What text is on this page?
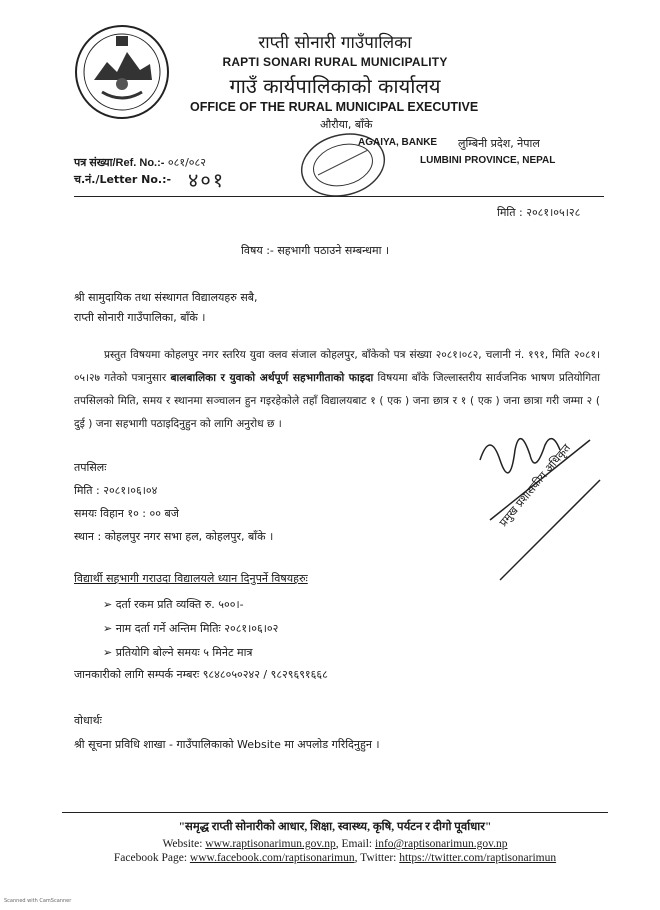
राप्ती सोनारी गाउँपालिका
RAPTI SONARI RURAL MUNICIPALITY
गाउँ कार्यपालिकाको कार्यालय
OFFICE OF THE RURAL MUNICIPAL EXECUTIVE
औरौया, बाँके
AGAIYA, BANKE लुम्बिनी प्रदेश, नेपाल
LUMBINI PROVINCE, NEPAL
पत्र संख्या/Ref. No.:- ०८१/०८२
च.नं./Letter No.:- ४०१
मिति : २०८१।०५।२८
विषय :- सहभागी पठाउने सम्बन्धमा ।
श्री सामुदायिक तथा संस्थागत विद्यालयहरु सबै,
राप्ती सोनारी गाउँपालिका, बाँके ।
प्रस्तुत विषयमा कोहलपुर नगर स्तरिय युवा क्लव संजाल कोहलपुर, बाँकेको पत्र संख्या २०८१।०८२, चलानी नं. १९१, मिति २०८१।०५।२७ गतेको पत्रानुसार बालबालिका र युवाको अर्थपूर्ण सहभागीताको फाइदा विषयमा बाँके जिल्लास्तरीय सार्वजनिक भाषण प्रतियोगिता तपसिलको मिति, समय र स्थानमा सञ्चालन हुन गइरहेकोले तहाँ विद्यालयबाट १ ( एक ) जना छात्र र १ ( एक ) जना छात्रा गरी जम्मा २ ( दुई ) जना सहभागी पठाइदिनुहुन को लागि अनुरोध छ ।
तपसिलः
मिति : २०८१।०६।०४
समयः विहान १० : ०० बजे
स्थान : कोहलपुर नगर सभा हल, कोहलपुर, बाँके ।
प्रमुख प्रशासकीय अधिकृत
विद्यार्थी सहभागी गराउदा विद्यालयले ध्यान दिनुपर्ने विषयहरुः
➢ दर्ता रकम प्रति व्यक्ति रु. ५००।-
➢ नाम दर्ता गर्ने अन्तिम मितिः २०८१।०६।०२
➢ प्रतियोगि बोल्ने समयः ५ मिनेट मात्र
जानकारीको लागि सम्पर्क नम्बरः ९८४८०५०२४२ / ९८२९६९१६६८
वोधार्थः
श्री सूचना प्रविधि शाखा - गाउँपालिकाको Website मा अपलोड गरिदिनुहुन ।
"समृद्ध राप्ती सोनारीको आधार, शिक्षा, स्वास्थ्य, कृषि, पर्यटन र दीगो पूर्वाधार"
Website: www.raptisonarimun.gov.np, Email: info@raptisonarimun.gov.np
Facebook Page: www.facebook.com/raptisonarimun, Twitter: https://twitter.com/raptisonarimun
Scanned with CamScanner
